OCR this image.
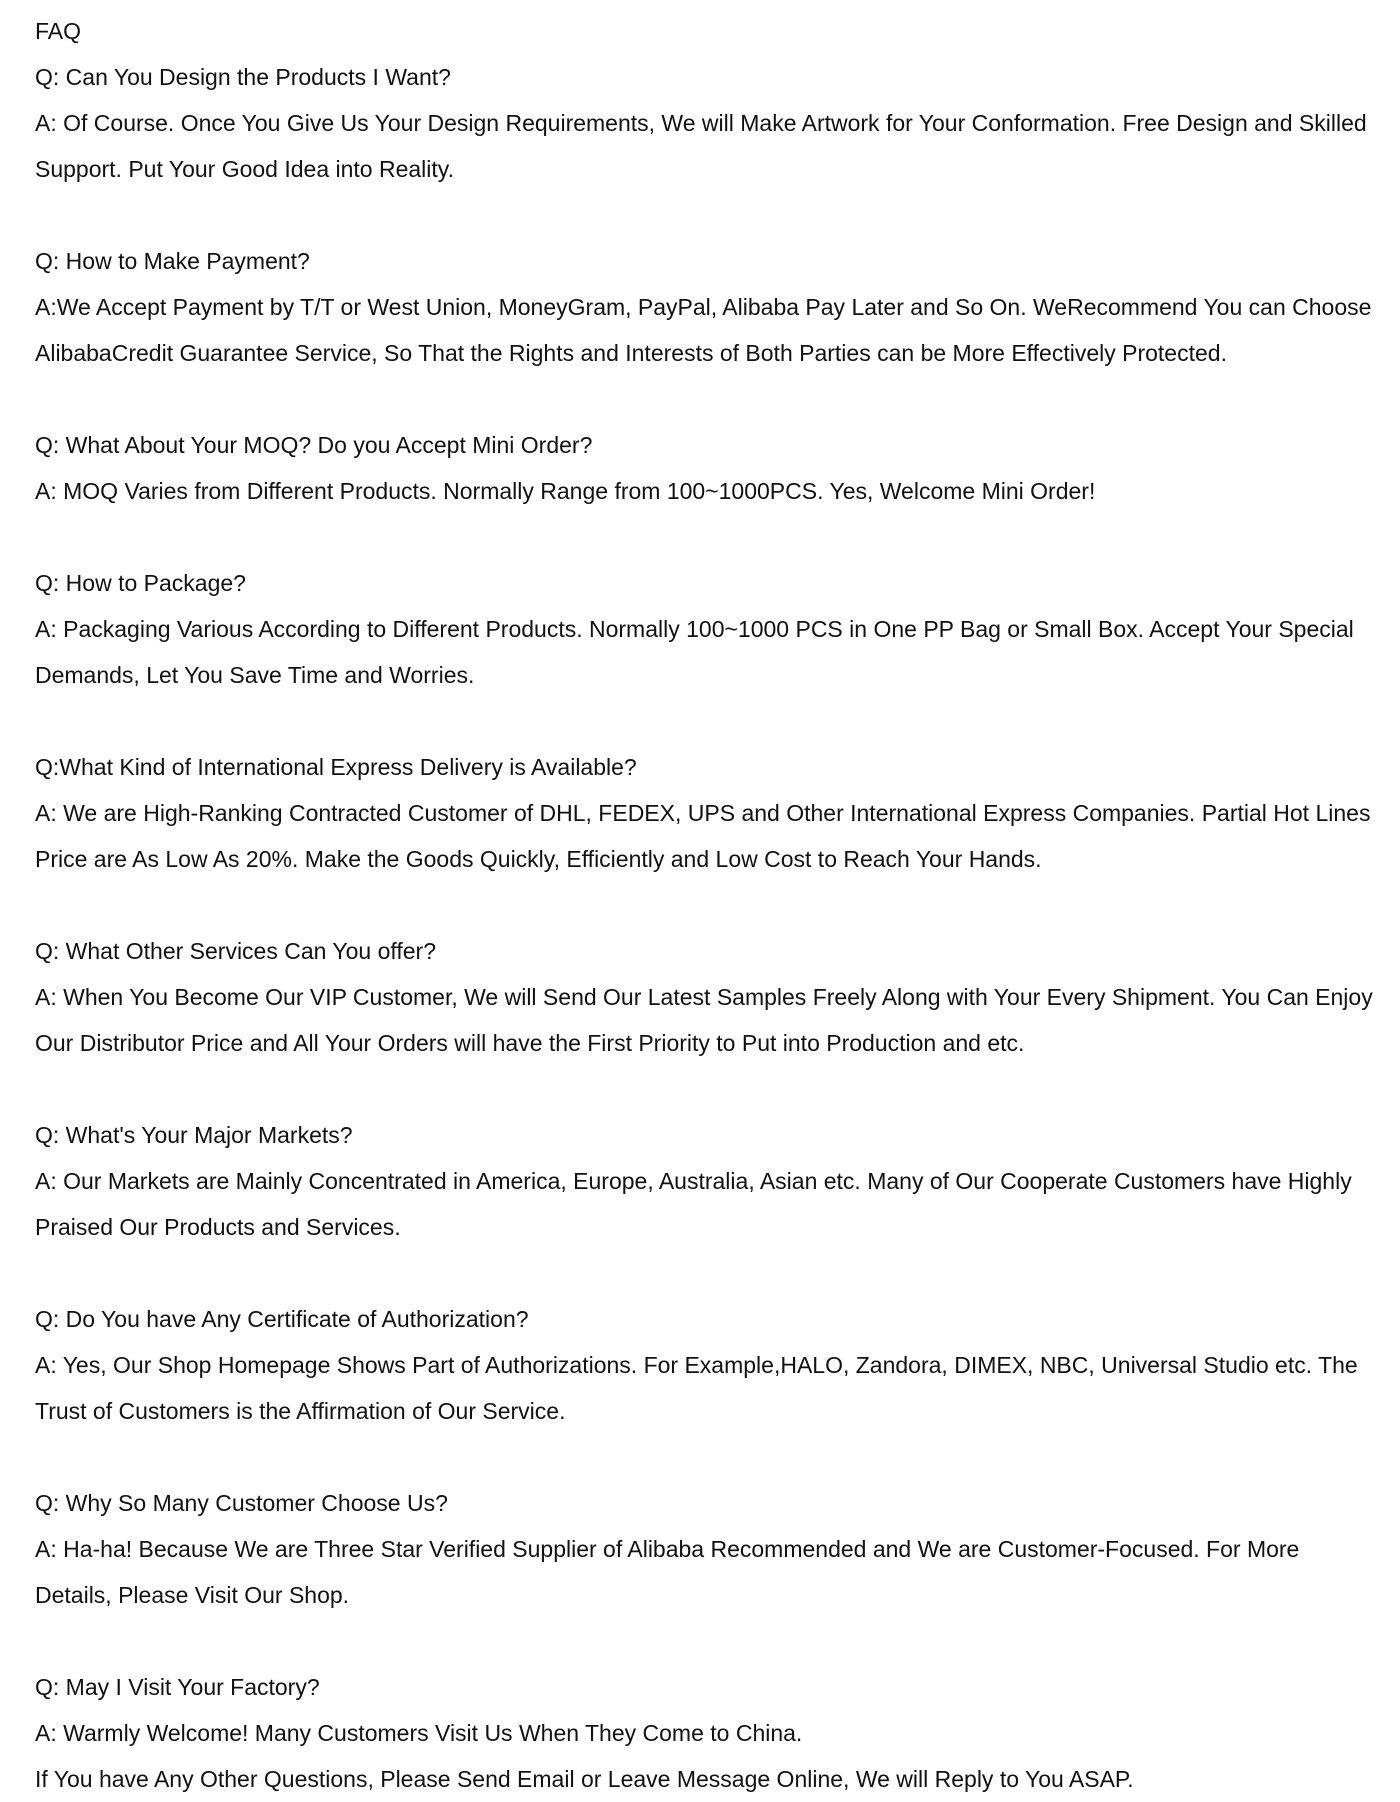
FAQ

Q: Can You Design the Products I Want?

A: Of Course. Once You Give Us Your Design Requirements, We will Make Artwork for Your Conformation. Free Design and Skilled Support. Put Your Good Idea into Reality.

Q: How to Make Payment?

A:We Accept Payment by T/T or West Union, MoneyGram, PayPal, Alibaba Pay Later and So On. WeRecommend You can Choose AlibabaCredit Guarantee Service, So That the Rights and Interests of Both Parties can be More Effectively Protected.

Q: What About Your MOQ? Do you Accept Mini Order?

A: MOQ Varies from Different Products. Normally Range from 100~1000PCS. Yes, Welcome Mini Order!

Q: How to Package?

A: Packaging Various According to Different Products. Normally 100~1000 PCS in One PP Bag or Small Box. Accept Your Special Demands, Let You Save Time and Worries.

Q:What Kind of International Express Delivery is Available?

A: We are High-Ranking Contracted Customer of DHL, FEDEX, UPS and Other International Express Companies. Partial Hot Lines Price are As Low As 20%. Make the Goods Quickly, Efficiently and Low Cost to Reach Your Hands.

Q: What Other Services Can You offer?

A: When You Become Our VIP Customer, We will Send Our Latest Samples Freely Along with Your Every Shipment. You Can Enjoy Our Distributor Price and All Your Orders will have the First Priority to Put into Production and etc.

Q: What's Your Major Markets?

A: Our Markets are Mainly Concentrated in America, Europe, Australia, Asian etc. Many of Our Cooperate Customers have Highly Praised Our Products and Services.

Q: Do You have Any Certificate of Authorization?

A: Yes, Our Shop Homepage Shows Part of Authorizations. For Example,HALO, Zandora, DIMEX, NBC, Universal Studio etc. The Trust of Customers is the Affirmation of Our Service.

Q: Why So Many Customer Choose Us?

A: Ha-ha! Because We are Three Star Verified Supplier of Alibaba Recommended and We are Customer-Focused. For More Details, Please Visit Our Shop.

Q: May I Visit Your Factory?

A: Warmly Welcome! Many Customers Visit Us When They Come to China.

If You have Any Other Questions, Please Send Email or Leave Message Online, We will Reply to You ASAP.
